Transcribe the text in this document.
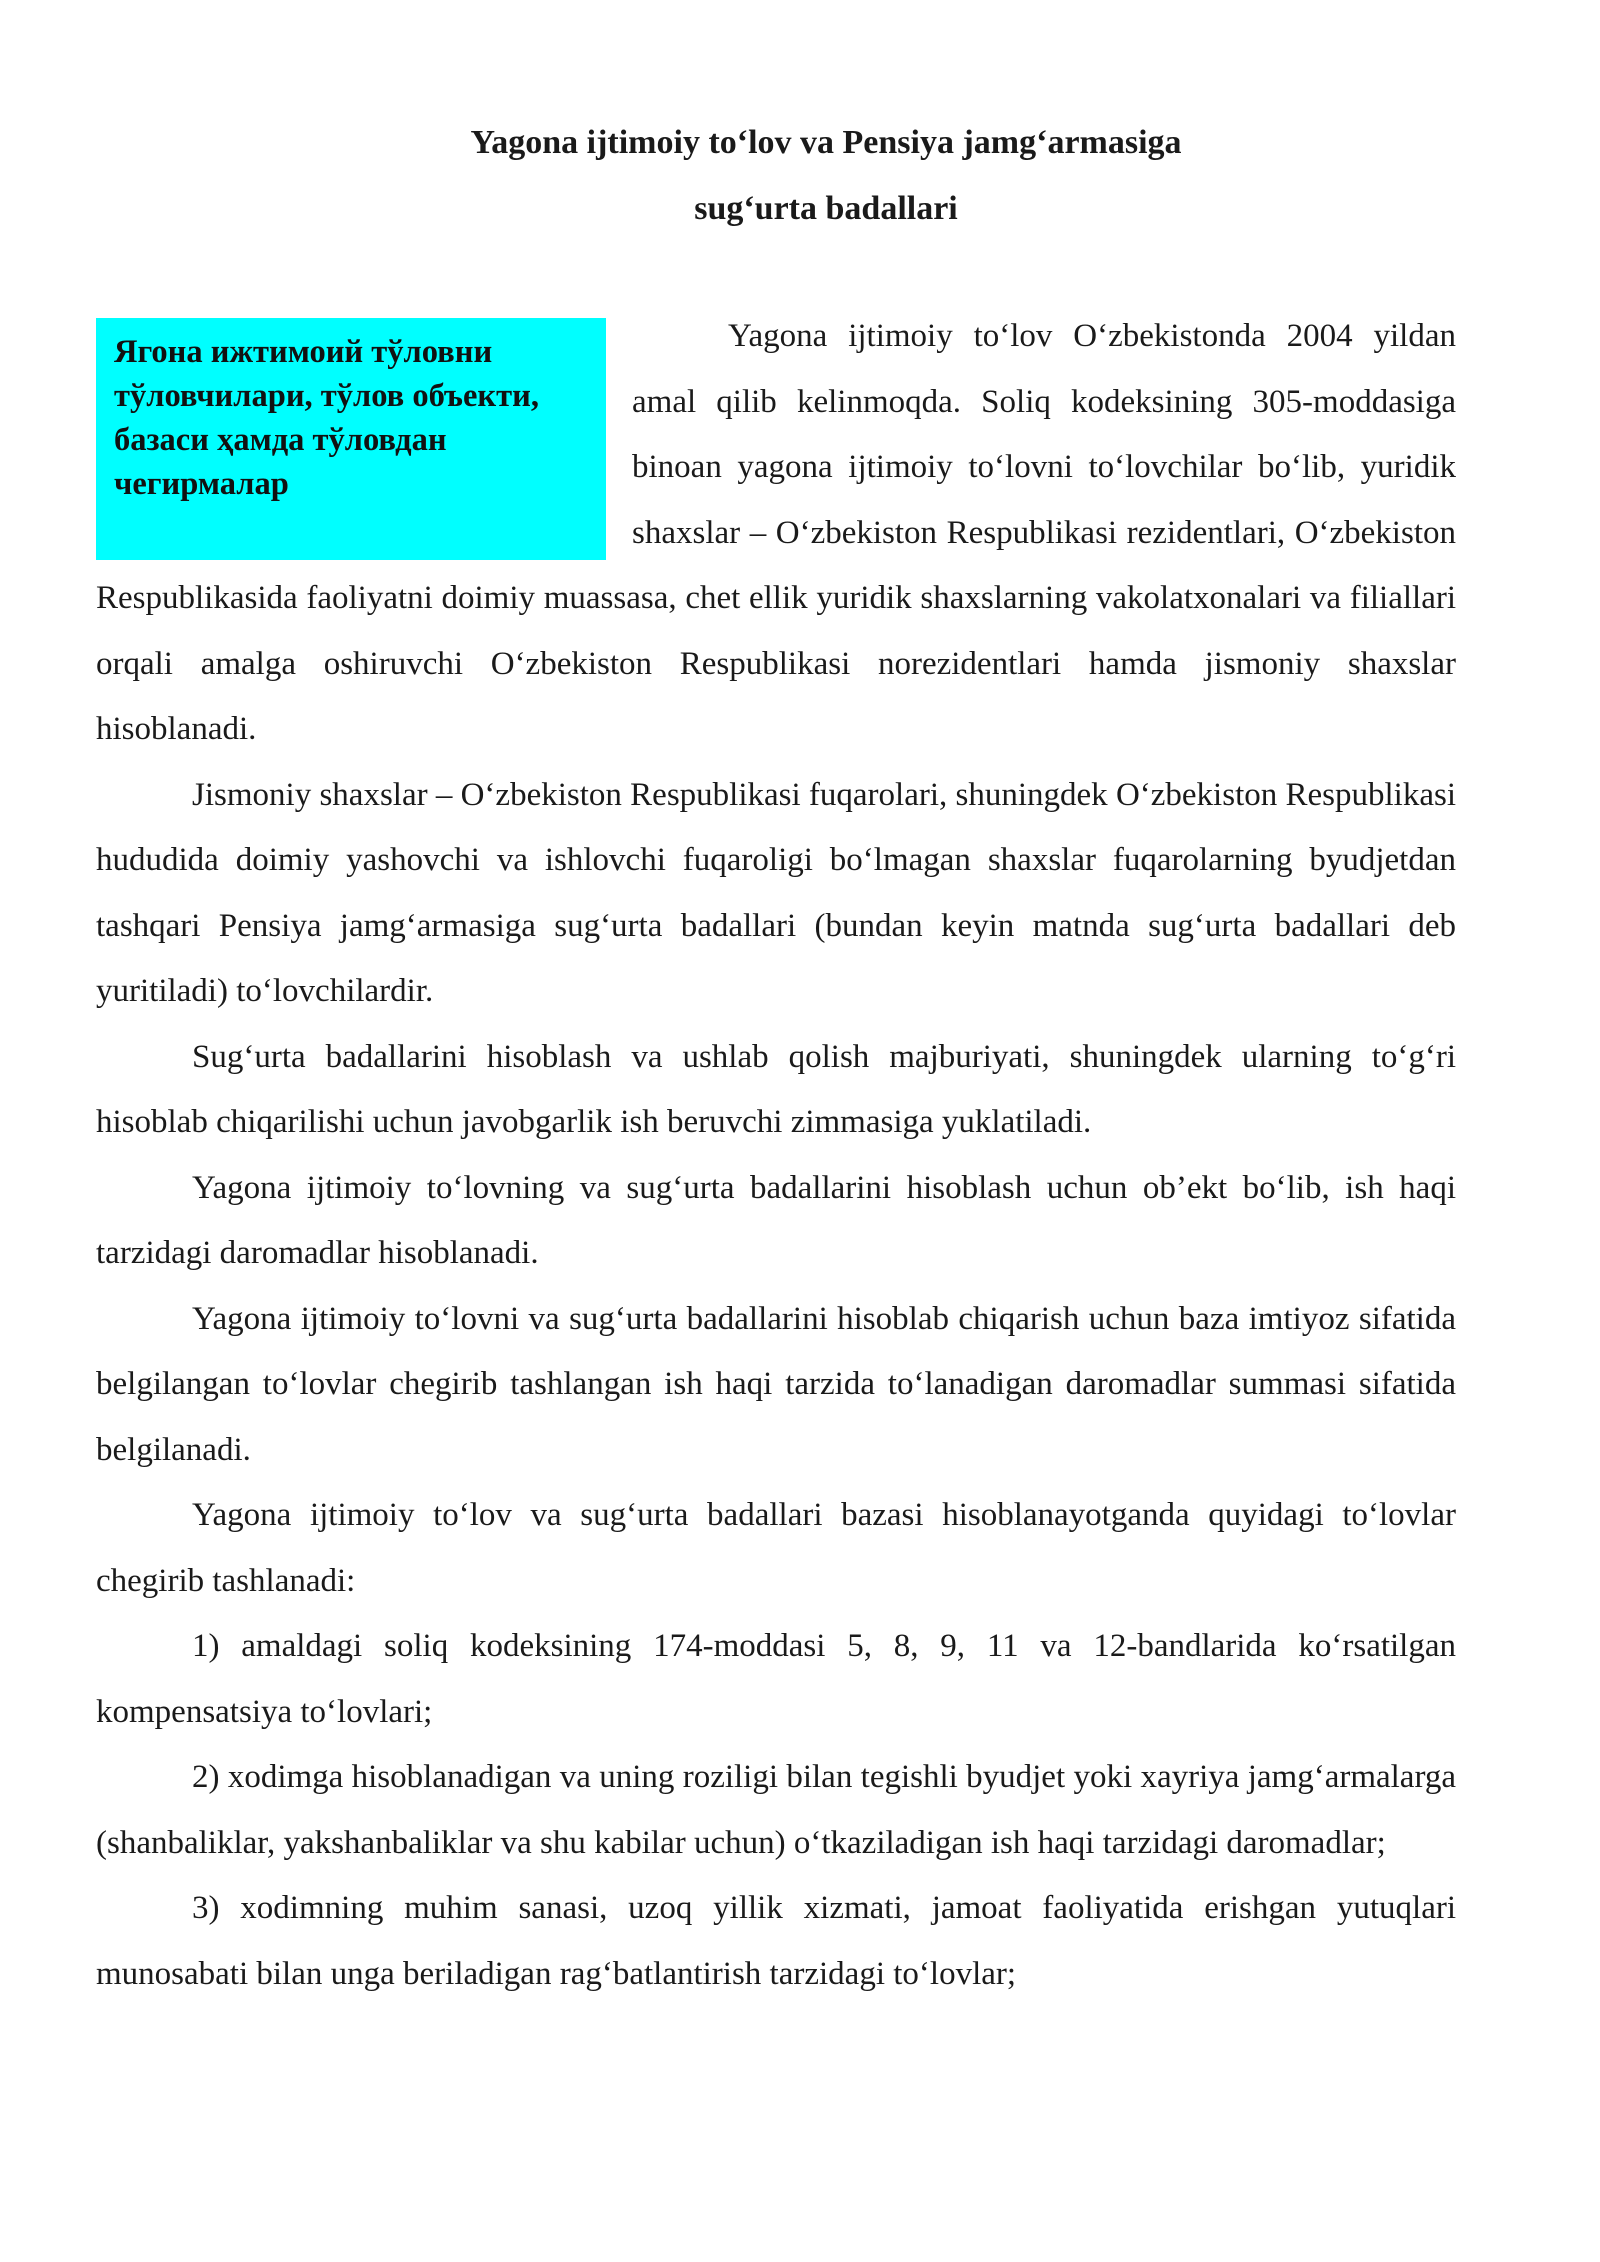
Yagona ijtimoiy to‘lov va Pensiya jamg‘armasiga
sug‘urta badallari

Ягона ижтимоий тўловни тўловчилари, тўлов объекти, базаси ҳамда тўловдан чегирмалар

Yagona ijtimoiy to‘lov O‘zbekistonda 2004 yildan amal qilib kelinmoqda. Soliq kodeksining 305-moddasiga binoan yagona ijtimoiy to‘lovni to‘lovchilar bo‘lib, yuridik shaxslar – O‘zbekiston Respublikasi rezidentlari, O‘zbekiston Respublikasida faoliyatni doimiy muassasa, chet ellik yuridik shaxslarning vakolatxonalari va filiallari orqali amalga oshiruvchi O‘zbekiston Respublikasi norezidentlari hamda jismoniy shaxslar hisoblanadi.

Jismoniy shaxslar – O‘zbekiston Respublikasi fuqarolari, shuningdek O‘zbekiston Respublikasi hududida doimiy yashovchi va ishlovchi fuqaroligi bo‘lmagan shaxslar fuqarolarning byudjetdan tashqari Pensiya jamg‘armasiga sug‘urta badallari (bundan keyin matnda sug‘urta badallari deb yuritiladi) to‘lovchilardir.

Sug‘urta badallarini hisoblash va ushlab qolish majburiyati, shuningdek ularning to‘g‘ri hisoblab chiqarilishi uchun javobgarlik ish beruvchi zimmasiga yuklatiladi.

Yagona ijtimoiy to‘lovning va sug‘urta badallarini hisoblash uchun ob’ekt bo‘lib, ish haqi tarzidagi daromadlar hisoblanadi.

Yagona ijtimoiy to‘lovni va sug‘urta badallarini hisoblab chiqarish uchun baza imtiyoz sifatida belgilangan to‘lovlar chegirib tashlangan ish haqi tarzida to‘lanadigan daromadlar summasi sifatida belgilanadi.

Yagona ijtimoiy to‘lov va sug‘urta badallari bazasi hisoblanayotganda quyidagi to‘lovlar chegirib tashlanadi:

1) amaldagi soliq kodeksining 174-moddasi 5, 8, 9, 11 va 12-bandlarida ko‘rsatilgan kompensatsiya to‘lovlari;

2) xodimga hisoblanadigan va uning roziligi bilan tegishli byudjet yoki xayriya jamg‘armalarga (shanbaliklar, yakshanbaliklar va shu kabilar uchun) o‘tkaziladigan ish haqi tarzidagi daromadlar;

3) xodimning muhim sanasi, uzoq yillik xizmati, jamoat faoliyatida erishgan yutuqlari munosabati bilan unga beriladigan rag‘batlantirish tarzidagi to‘lovlar;
